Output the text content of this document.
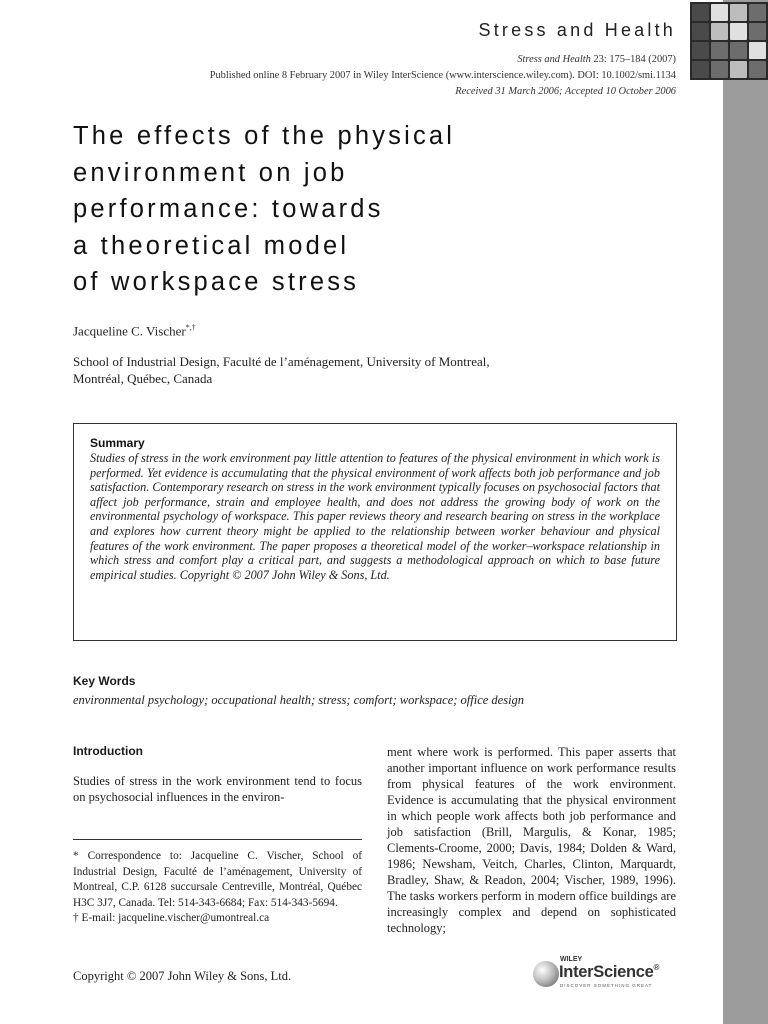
Stress and Health
Stress and Health 23: 175–184 (2007)
Published online 8 February 2007 in Wiley InterScience (www.interscience.wiley.com). DOI: 10.1002/smi.1134
Received 31 March 2006; Accepted 10 October 2006
The effects of the physical
environment on job
performance: towards
a theoretical model
of workspace stress
Jacqueline C. Vischer*,†
School of Industrial Design, Faculté de l’aménagement, University of Montreal,
Montréal, Québec, Canada
Summary

Studies of stress in the work environment pay little attention to features of the physical environment in which work is performed. Yet evidence is accumulating that the physical environment of work affects both job performance and job satisfaction. Contemporary research on stress in the work environment typically focuses on psychosocial factors that affect job performance, strain and employee health, and does not address the growing body of work on the environmental psychology of workspace. This paper reviews theory and research bearing on stress in the workplace and explores how current theory might be applied to the relationship between worker behaviour and physical features of the work environment. The paper proposes a theoretical model of the worker–workspace relationship in which stress and comfort play a critical part, and suggests a methodological approach on which to base future empirical studies. Copyright © 2007 John Wiley & Sons, Ltd.

Key Words
environmental psychology; occupational health; stress; comfort; workspace; office design
Introduction
Studies of stress in the work environment tend to focus on psychosocial influences in the environ-

* Correspondence to: Jacqueline C. Vischer, School of Industrial Design, Faculté de l’aménagement, University of Montreal, C.P. 6128 succursale Centreville, Montréal, Québec H3C 3J7, Canada. Tel: 514-343-6684; Fax: 514-343-5694.

† E-mail: jacqueline.vischer@umontreal.ca

Copyright © 2007 John Wiley & Sons, Ltd.

ment where work is performed. This paper asserts that another important influence on work performance results from physical features of the work environment. Evidence is accumulating that the physical environment in which people work affects both job performance and job satisfaction (Brill, Margulis, & Konar, 1985; Clements-Croome, 2000; Davis, 1984; Dolden & Ward, 1986; Newsham, Veitch, Charles, Clinton, Marquardt, Bradley, Shaw, & Readon, 2004; Vischer, 1989, 1996). The tasks workers perform in modern office buildings are increasingly complex and depend on sophisticated technology;

WILEY
InterScience®
DISCOVER SOMETHING GREAT
